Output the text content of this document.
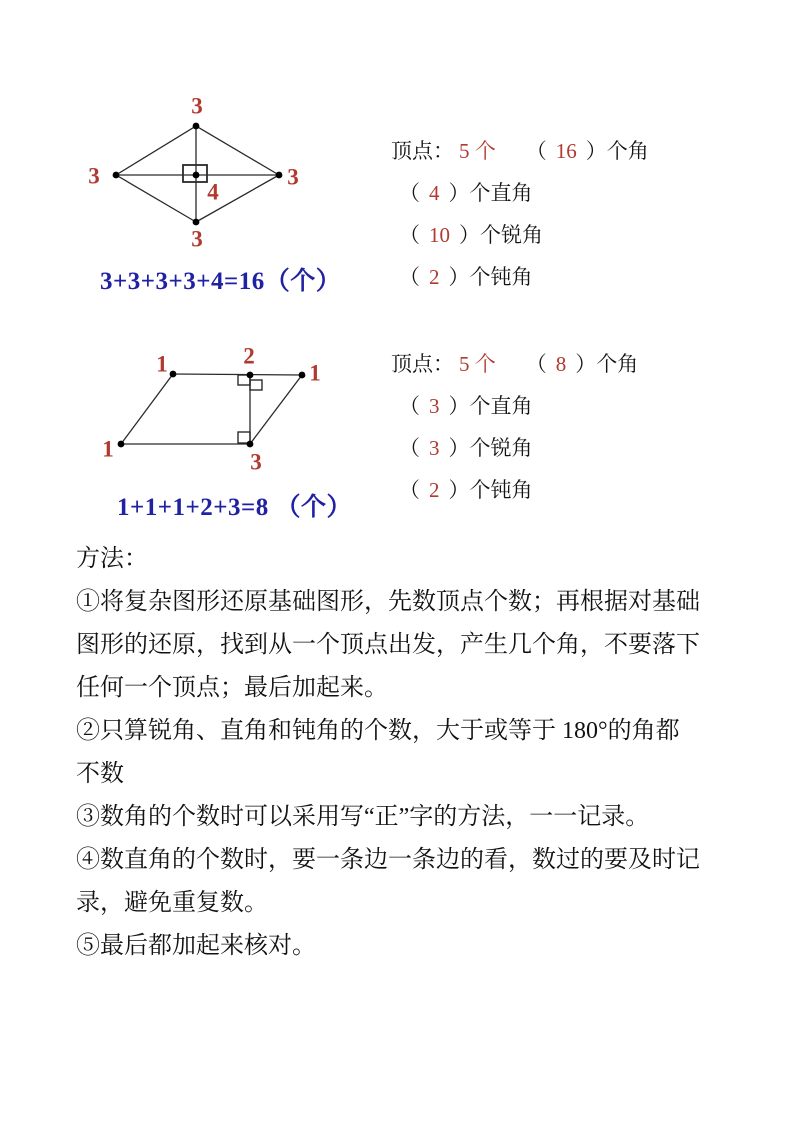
3
3	3
3
4
3+3+3+3+4=16（个）
顶点： 5 个 （ 16 ）个角
（ 4 ）个直角
（ 10 ）个锐角
（ 2 ）个钝角
1	2
1
1
3
1+1+1+2+3=8 （个）
顶点： 5 个 （ 8 ）个角
（ 3 ）个直角
（ 3 ）个锐角
（ 2 ）个钝角
方法：
①将复杂图形还原基础图形，先数顶点个数；再根据对基础
图形的还原，找到从一个顶点出发，产生几个角，不要落下
任何一个顶点；最后加起来。
②只算锐角、直角和钝角的个数，大于或等于 180°的角都
不数
③数角的个数时可以采用写“正”字的方法，一一记录。
④数直角的个数时，要一条边一条边的看，数过的要及时记
录，避免重复数。
⑤最后都加起来核对。
